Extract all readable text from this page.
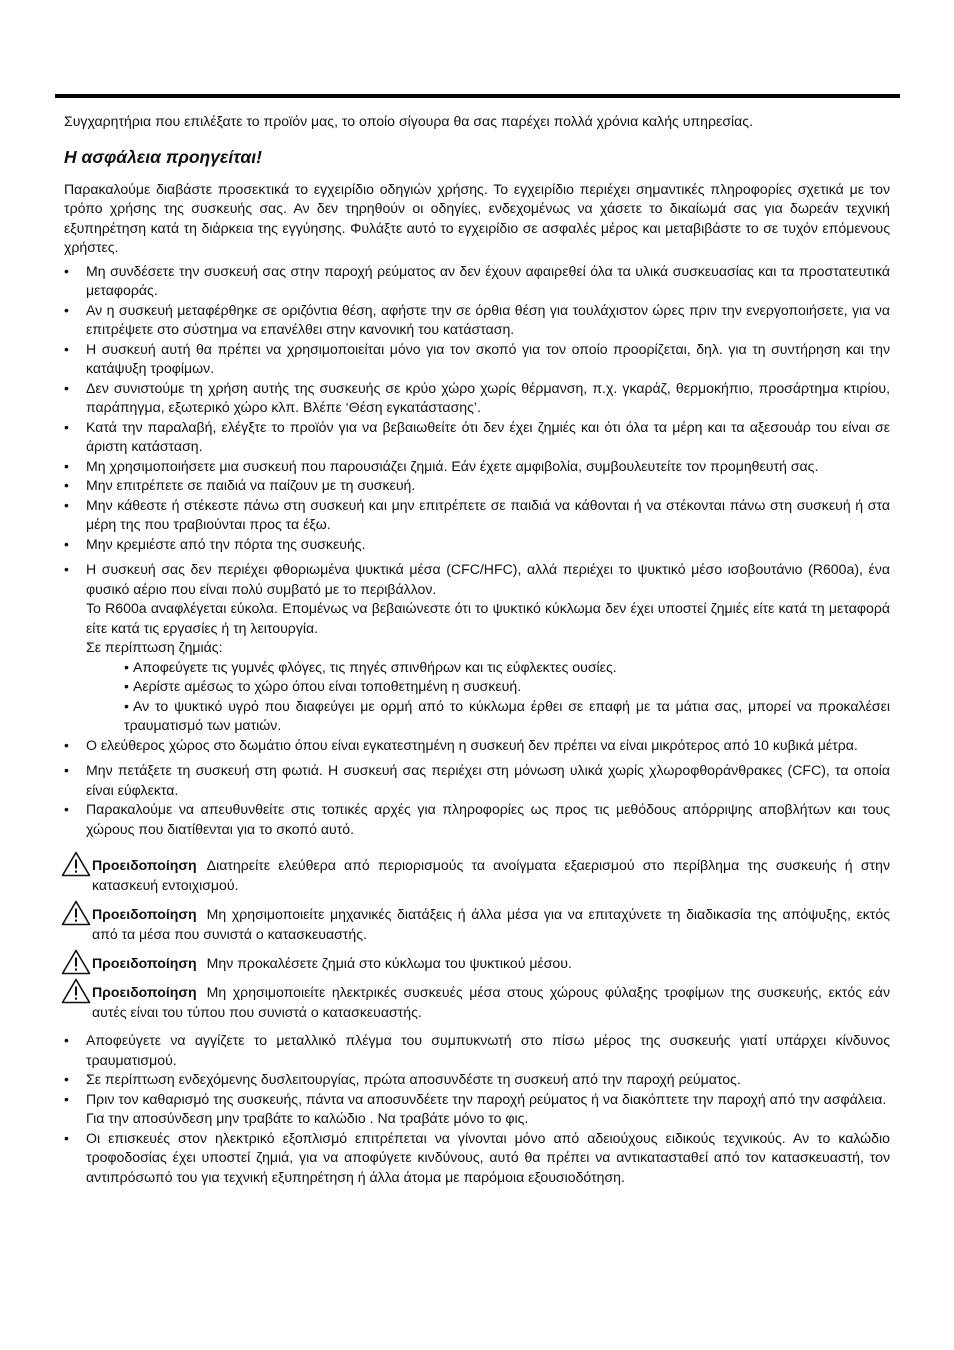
Συγχαρητήρια που επιλέξατε το προϊόν μας, το οποίο σίγουρα θα σας παρέχει πολλά χρόνια καλής υπηρεσίας.

Η ασφάλεια προηγείται!

Παρακαλούμε διαβάστε προσεκτικά το εγχειρίδιο οδηγιών χρήσης. Το εγχειρίδιο περιέχει σημαντικές πληροφορίες σχετικά με τον τρόπο χρήσης της συσκευής σας. Αν δεν τηρηθούν οι οδηγίες, ενδεχομένως να χάσετε το δικαίωμά σας για δωρεάν τεχνική εξυπηρέτηση κατά τη διάρκεια της εγγύησης. Φυλάξτε αυτό το εγχειρίδιο σε ασφαλές μέρος και μεταβιβάστε το σε τυχόν επόμενους χρήστες.

• Μη συνδέσετε την συσκευή σας στην παροχή ρεύματος αν δεν έχουν αφαιρεθεί όλα τα υλικά συσκευασίας και τα προστατευτικά μεταφοράς.

• Αν η συσκευή μεταφέρθηκε σε οριζόντια θέση, αφήστε την σε όρθια θέση για τουλάχιστον ώρες πριν την ενεργοποιήσετε, για να επιτρέψετε στο σύστημα να επανέλθει στην κανονική του κατάσταση.

• Η συσκευή αυτή θα πρέπει να χρησιμοποιείται μόνο για τον σκοπό για τον οποίο προορίζεται, δηλ. για τη συντήρηση και την κατάψυξη τροφίμων.

• Δεν συνιστούμε τη χρήση αυτής της συσκευής σε κρύο χώρο χωρίς θέρμανση, π.χ. γκαράζ, θερμοκήπιο, προσάρτημα κτιρίου, παράπηγμα, εξωτερικό χώρο κλπ. Βλέπε ‘Θέση εγκατάστασης’.

• Κατά την παραλαβή, ελέγξτε το προϊόν για να βεβαιωθείτε ότι δεν έχει ζημιές και ότι όλα τα μέρη και τα αξεσουάρ του είναι σε άριστη κατάσταση.

• Μη χρησιμοποιήσετε μια συσκευή που παρουσιάζει ζημιά. Εάν έχετε αμφιβολία, συμβουλευτείτε τον προμηθευτή σας.

• Μην επιτρέπετε σε παιδιά να παίζουν με τη συσκευή.

• Μην κάθεστε ή στέκεστε πάνω στη συσκευή και μην επιτρέπετε σε παιδιά να κάθονται ή να στέκονται πάνω στη συσκευή ή στα μέρη της που τραβιούνται προς τα έξω.

• Μην κρεμιέστε από την πόρτα της συσκευής.

• Η συσκευή σας δεν περιέχει φθοριωμένα ψυκτικά μέσα (CFC/HFC), αλλά περιέχει το ψυκτικό μέσο ισοβουτάνιο (R600a), ένα φυσικό αέριο που είναι πολύ συμβατό με το περιβάλλον.

Το R600a αναφλέγεται εύκολα. Επομένως να βεβαιώνεστε ότι το ψυκτικό κύκλωμα δεν έχει υποστεί ζημιές είτε κατά τη μεταφορά είτε κατά τις εργασίες ή τη λειτουργία.

Σε περίπτωση ζημιάς:

• Αποφεύγετε τις γυμνές φλόγες, τις πηγές σπινθήρων και τις εύφλεκτες ουσίες.

• Αερίστε αμέσως το χώρο όπου είναι τοποθετημένη η συσκευή.

• Αν το ψυκτικό υγρό που διαφεύγει με ορμή από το κύκλωμα έρθει σε επαφή με τα μάτια σας, μπορεί να προκαλέσει τραυματισμό των ματιών.

• Ο ελεύθερος χώρος στο δωμάτιο όπου είναι εγκατεστημένη η συσκευή δεν πρέπει να είναι μικρότερος από 10 κυβικά μέτρα.

• Μην πετάξετε τη συσκευή στη φωτιά. Η συσκευή σας περιέχει στη μόνωση υλικά χωρίς χλωροφθοράνθρακες (CFC), τα οποία είναι εύφλεκτα.

• Παρακαλούμε να απευθυνθείτε στις τοπικές αρχές για πληροφορίες ως προς τις μεθόδους απόρριψης αποβλήτων και τους χώρους που διατίθενται για το σκοπό αυτό.

Προειδοποίηση Διατηρείτε ελεύθερα από περιορισμούς τα ανοίγματα εξαερισμού στο περίβλημα της συσκευής ή στην κατασκευή εντοιχισμού.

Προειδοποίηση Μη χρησιμοποιείτε μηχανικές διατάξεις ή άλλα μέσα για να επιταχύνετε τη διαδικασία της απόψυξης, εκτός από τα μέσα που συνιστά ο κατασκευαστής.

Προειδοποίηση Μην προκαλέσετε ζημιά στο κύκλωμα του ψυκτικού μέσου.

Προειδοποίηση Μη χρησιμοποιείτε ηλεκτρικές συσκευές μέσα στους χώρους φύλαξης τροφίμων της συσκευής, εκτός εάν αυτές είναι του τύπου που συνιστά ο κατασκευαστής.

• Αποφεύγετε να αγγίζετε το μεταλλικό πλέγμα του συμπυκνωτή στο πίσω μέρος της συσκευής γιατί υπάρχει κίνδυνος τραυματισμού.

• Σε περίπτωση ενδεχόμενης δυσλειτουργίας, πρώτα αποσυνδέστε τη συσκευή από την παροχή ρεύματος.

• Πριν τον καθαρισμό της συσκευής, πάντα να αποσυνδέετε την παροχή ρεύματος ή να διακόπτετε την παροχή από την ασφάλεια.

Για την αποσύνδεση μην τραβάτε το καλώδιο . Να τραβάτε μόνο το φις.

• Οι επισκευές στον ηλεκτρικό εξοπλισμό επιτρέπεται να γίνονται μόνο από αδειούχους ειδικούς τεχνικούς. Αν το καλώδιο τροφοδοσίας έχει υποστεί ζημιά, για να αποφύγετε κινδύνους, αυτό θα πρέπει να αντικατασταθεί από τον κατασκευαστή, τον αντιπρόσωπό του για τεχνική εξυπηρέτηση ή άλλα άτομα με παρόμοια εξουσιοδότηση.
